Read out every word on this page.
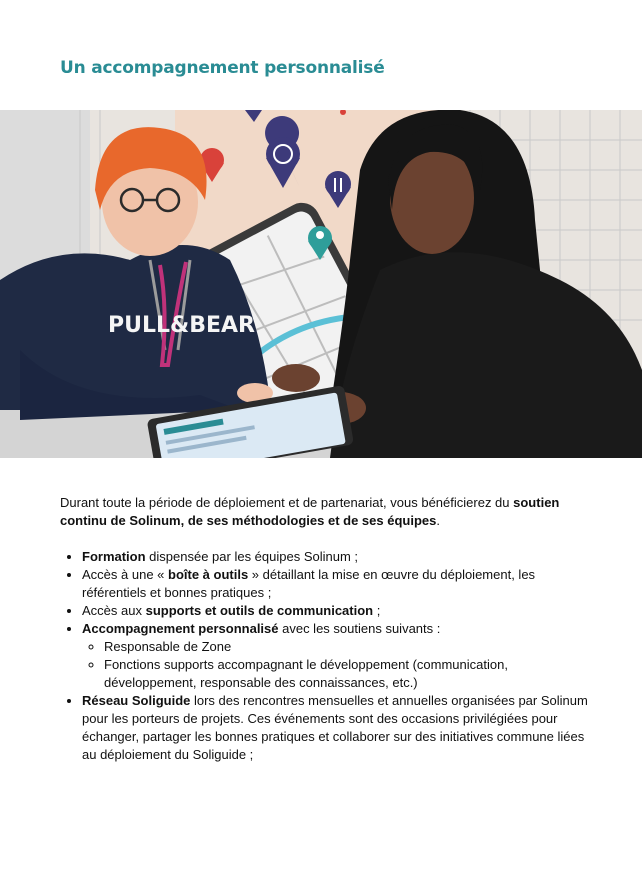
Un accompagnement personnalisé
PULL&BEAR

Durant toute la période de déploiement et de partenariat, vous bénéficierez du soutien continu de Solinum, de ses méthodologies et de ses équipes.

• Formation dispensée par les équipes Solinum ;
• Accès à une « boîte à outils » détaillant la mise en œuvre du déploiement, les référentiels et bonnes pratiques ;
• Accès aux supports et outils de communication ;
• Accompagnement personnalisé avec les soutiens suivants :
◦ Responsable de Zone
◦ Fonctions supports accompagnant le développement (communication, développement, responsable des connaissances, etc.)
• Réseau Soliguide lors des rencontres mensuelles et annuelles organisées par Solinum pour les porteurs de projets. Ces événements sont des occasions privilégiées pour échanger, partager les bonnes pratiques et collaborer sur des initiatives commune liées au déploiement du Soliguide ;
